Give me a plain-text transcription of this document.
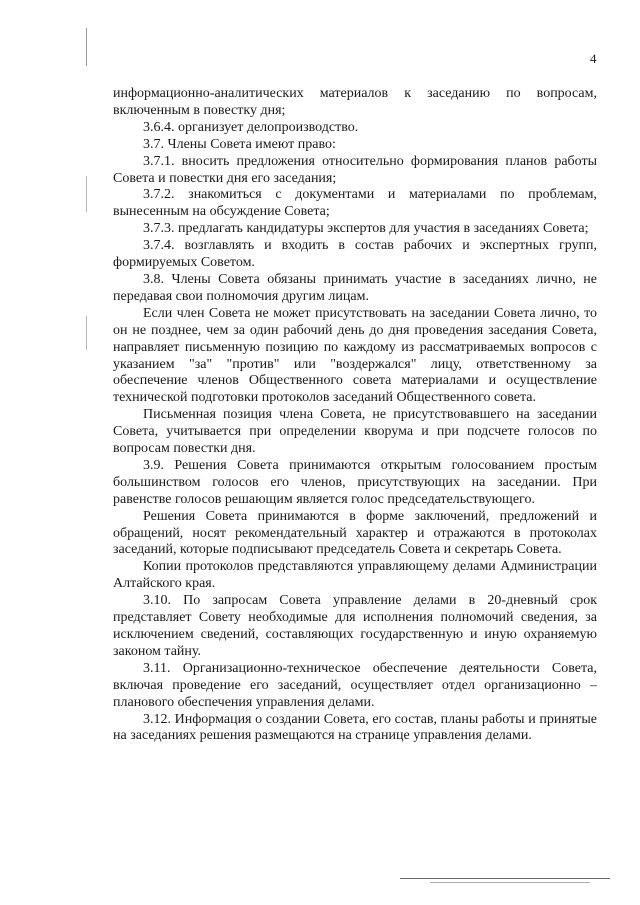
4

информационно-аналитических материалов к заседанию по вопросам, включенным в повестку дня;

3.6.4. организует делопроизводство.

3.7. Члены Совета имеют право:

3.7.1. вносить предложения относительно формирования планов работы Совета и повестки дня его заседания;

3.7.2. знакомиться с документами и материалами по проблемам, вынесенным на обсуждение Совета;

3.7.3. предлагать кандидатуры экспертов для участия в заседаниях Совета;

3.7.4. возглавлять и входить в состав рабочих и экспертных групп, формируемых Советом.

3.8. Члены Совета обязаны принимать участие в заседаниях лично, не передавая свои полномочия другим лицам.

Если член Совета не может присутствовать на заседании Совета лично, то он не позднее, чем за один рабочий день до дня проведения заседания Совета, направляет письменную позицию по каждому из рассматриваемых вопросов с указанием "за" "против" или "воздержался" лицу, ответственному за обеспечение членов Общественного совета материалами и осуществление технической подготовки протоколов заседаний Общественного совета.

Письменная позиция члена Совета, не присутствовавшего на заседании Совета, учитывается при определении кворума и при подсчете голосов по вопросам повестки дня.

3.9. Решения Совета принимаются открытым голосованием простым большинством голосов его членов, присутствующих на заседании. При равенстве голосов решающим является голос председательствующего.

Решения Совета принимаются в форме заключений, предложений и обращений, носят рекомендательный характер и отражаются в протоколах заседаний, которые подписывают председатель Совета и секретарь Совета.

Копии протоколов представляются управляющему делами Администрации Алтайского края.

3.10. По запросам Совета управление делами в 20-дневный срок представляет Совету необходимые для исполнения полномочий сведения, за исключением сведений, составляющих государственную и иную охраняемую законом тайну.

3.11. Организационно-техническое обеспечение деятельности Совета, включая проведение его заседаний, осуществляет отдел организационно – планового обеспечения управления делами.

3.12. Информация о создании Совета, его состав, планы работы и принятые на заседаниях решения размещаются на странице управления делами.
